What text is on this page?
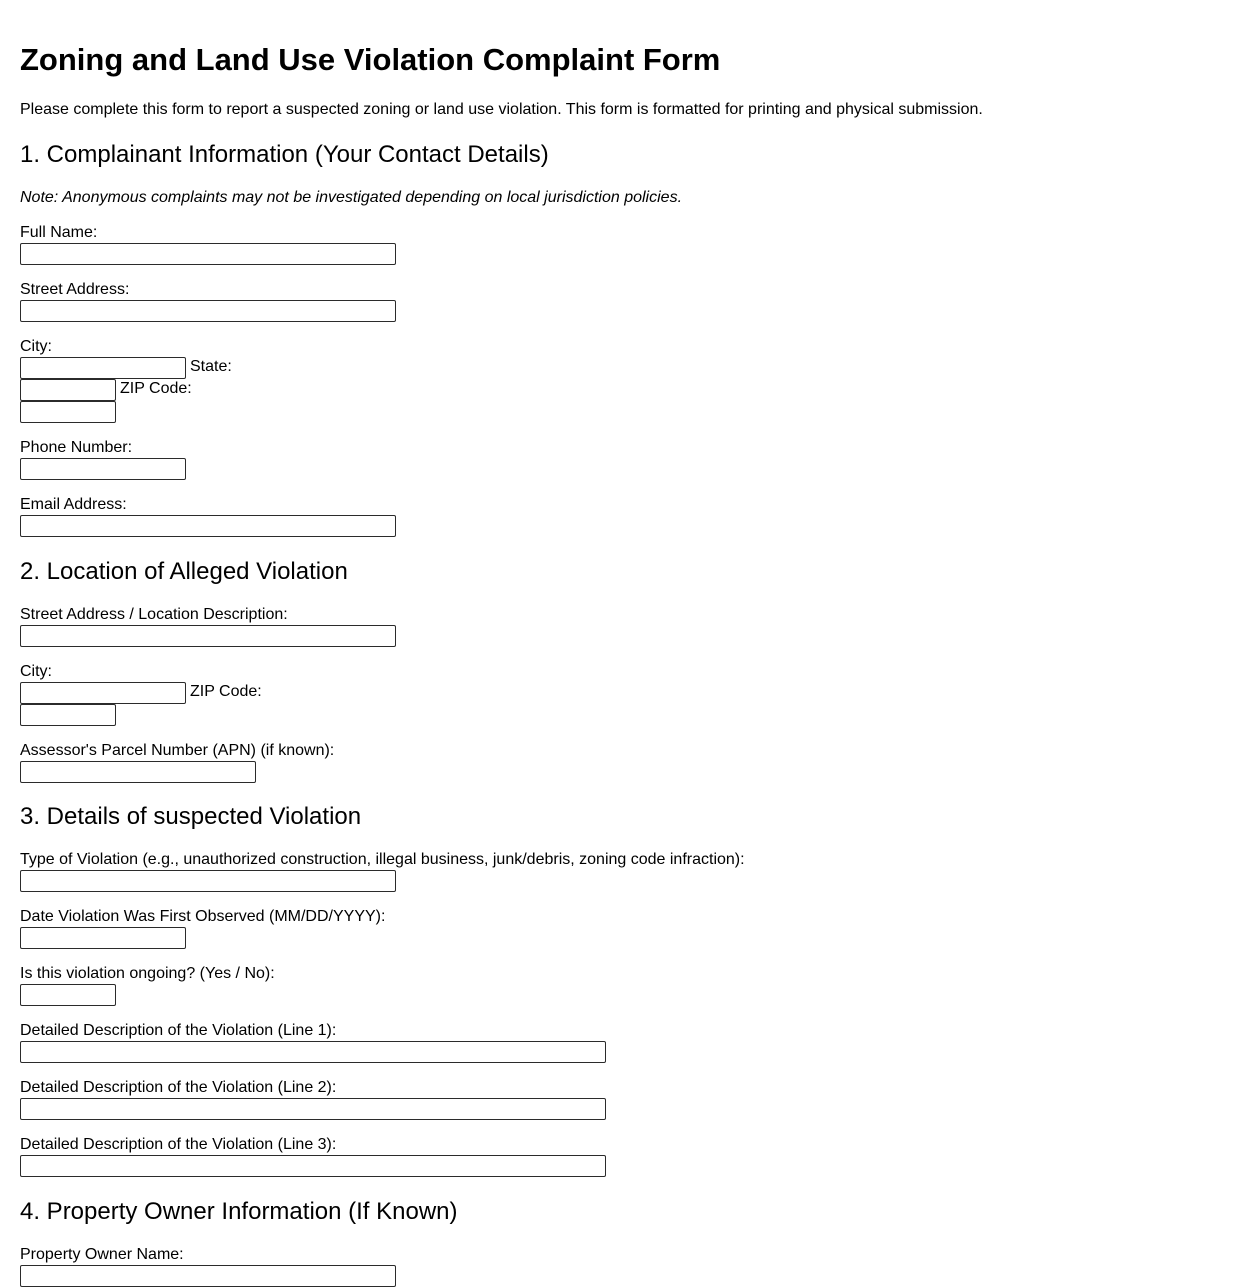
Zoning and Land Use Violation Complaint Form
Please complete this form to report a suspected zoning or land use violation. This form is formatted for printing and physical submission.
1. Complainant Information (Your Contact Details)
Note: Anonymous complaints may not be investigated depending on local jurisdiction policies.
Full Name:
Street Address:
City:
State:
ZIP Code:
Phone Number:
Email Address:
2. Location of Alleged Violation
Street Address / Location Description:
City:
ZIP Code:
Assessor's Parcel Number (APN) (if known):
3. Details of suspected Violation
Type of Violation (e.g., unauthorized construction, illegal business, junk/debris, zoning code infraction):
Date Violation Was First Observed (MM/DD/YYYY):
Is this violation ongoing? (Yes / No):
Detailed Description of the Violation (Line 1):
Detailed Description of the Violation (Line 2):
Detailed Description of the Violation (Line 3):
4. Property Owner Information (If Known)
Property Owner Name:
